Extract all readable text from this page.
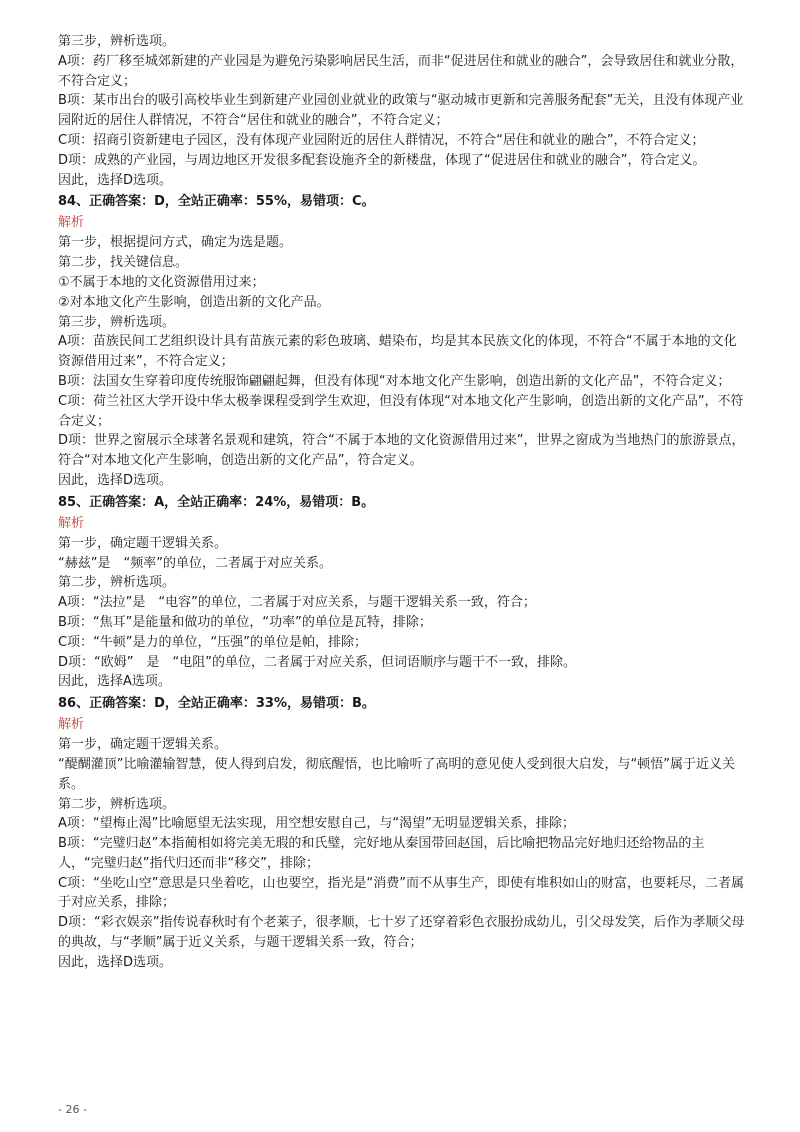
第三步，辨析选项。
A项：药厂移至城郊新建的产业园是为避免污染影响居民生活，而非“促进居住和就业的融合”，会导致居住和就业分散，不符合定义；
B项：某市出台的吸引高校毕业生到新建产业园创业就业的政策与“驱动城市更新和完善服务配套”无关，且没有体现产业园附近的居住人群情况，不符合“居住和就业的融合”，不符合定义；
C项：招商引资新建电子园区，没有体现产业园附近的居住人群情况，不符合“居住和就业的融合”，不符合定义；
D项：成熟的产业园，与周边地区开发很多配套设施齐全的新楼盘，体现了“促进居住和就业的融合”，符合定义。
因此，选择D选项。
84、正确答案：D，全站正确率：55%，易错项：C。
解析
第一步，根据提问方式，确定为选是题。
第二步，找关键信息。
①不属于本地的文化资源借用过来；
②对本地文化产生影响，创造出新的文化产品。
第三步，辨析选项。
A项：苗族民间工艺组织设计具有苗族元素的彩色玻璃、蜡染布，均是其本民族文化的体现，不符合“不属于本地的文化资源借用过来”，不符合定义；
B项：法国女生穿着印度传统服饰翩翩起舞，但没有体现“对本地文化产生影响，创造出新的文化产品”，不符合定义；
C项：荷兰社区大学开设中华太极拳课程受到学生欢迎，但没有体现“对本地文化产生影响，创造出新的文化产品”，不符合定义；
D项：世界之窗展示全球著名景观和建筑，符合“不属于本地的文化资源借用过来”，世界之窗成为当地热门的旅游景点，符合“对本地文化产生影响，创造出新的文化产品”，符合定义。
因此，选择D选项。
85、正确答案：A，全站正确率：24%，易错项：B。
解析
第一步，确定题干逻辑关系。
“赫兹”是　“频率”的单位，二者属于对应关系。
第二步，辨析选项。
A项：“法拉”是　“电容”的单位，二者属于对应关系，与题干逻辑关系一致，符合；
B项：“焦耳”是能量和做功的单位，“功率”的单位是瓦特，排除；
C项：“牛顿”是力的单位，“压强”的单位是帕，排除；
D项：“欧姆”　是　“电阻”的单位，二者属于对应关系，但词语顺序与题干不一致，排除。
因此，选择A选项。
86、正确答案：D，全站正确率：33%，易错项：B。
解析
第一步，确定题干逻辑关系。
“醍醐灌顶”比喻灌输智慧，使人得到启发，彻底醒悟，也比喻听了高明的意见使人受到很大启发，与“顿悟”属于近义关系。
第二步，辨析选项。
A项：“望梅止渴”比喻愿望无法实现，用空想安慰自己，与“渴望”无明显逻辑关系，排除；
B项：“完璧归赵”本指蔺相如将完美无瑕的和氏璧，完好地从秦国带回赵国，后比喻把物品完好地归还给物品的主人，“完璧归赵”指代归还而非“移交”，排除；
C项：“坐吃山空”意思是只坐着吃，山也要空，指光是“消费”而不从事生产，即使有堆积如山的财富，也要耗尽，二者属于对应关系，排除；
D项：“彩衣娱亲”指传说春秋时有个老莱子，很孝顺，七十岁了还穿着彩色衣服扮成幼儿，引父母发笑，后作为孝顺父母的典故，与“孝顺”属于近义关系，与题干逻辑关系一致，符合；
因此，选择D选项。
- 26 -
